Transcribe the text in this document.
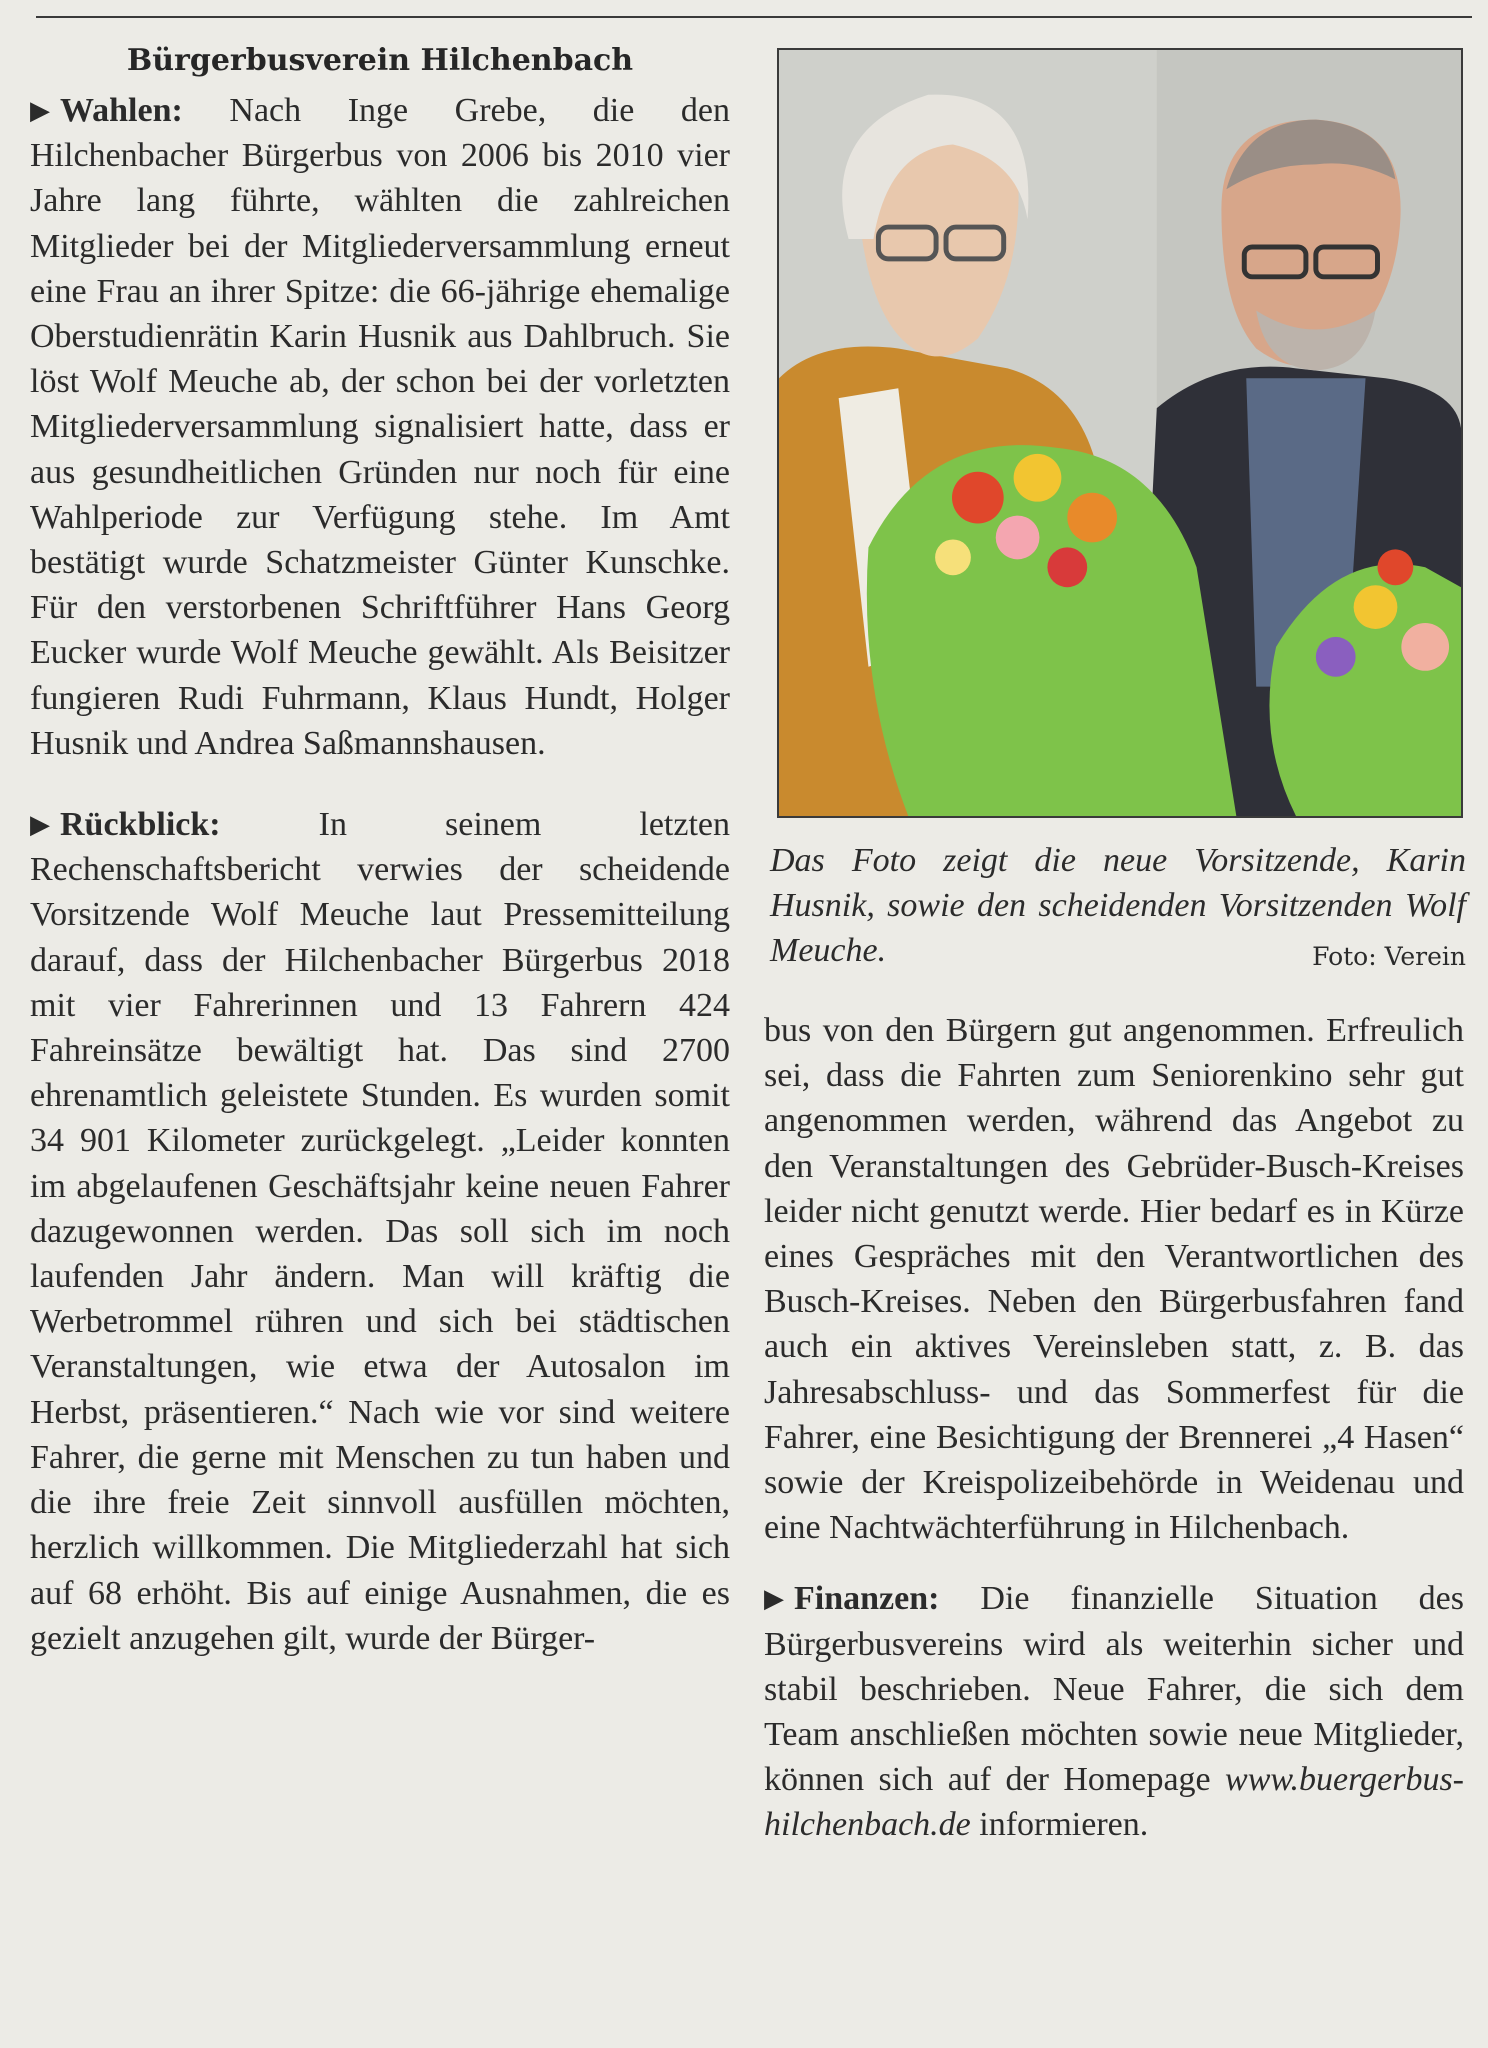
Bürgerbusverein Hilchenbach

▶ Wahlen: Nach Inge Grebe, die den Hilchenbacher Bürgerbus von 2006 bis 2010 vier Jahre lang führte, wählten die zahlreichen Mitglieder bei der Mitgliederversammlung erneut eine Frau an ihrer Spitze: die 66-jährige ehemalige Oberstudienrätin Karin Husnik aus Dahlbruch. Sie löst Wolf Meuche ab, der schon bei der vorletzten Mitgliederversammlung signalisiert hatte, dass er aus gesundheitlichen Gründen nur noch für eine Wahlperiode zur Verfügung stehe. Im Amt bestätigt wurde Schatzmeister Günter Kunschke. Für den verstorbenen Schriftführer Hans Georg Eucker wurde Wolf Meuche gewählt. Als Beisitzer fungieren Rudi Fuhrmann, Klaus Hundt, Holger Husnik und Andrea Saßmannshausen.

▶ Rückblick:	In seinem letzten Rechenschaftsbericht verwies der scheidende Vorsitzende Wolf Meuche laut Pressemitteilung darauf, dass der Hilchenbacher Bürgerbus 2018 mit vier Fahrerinnen und 13 Fahrern 424 Fahreinsätze bewältigt hat. Das sind 2700 ehrenamtlich geleistete Stunden. Es wurden somit 34 901 Kilometer zurückgelegt. „Leider konnten im abgelaufenen Geschäftsjahr keine neuen Fahrer dazugewonnen werden. Das soll sich im noch laufenden Jahr ändern. Man will kräftig die Werbetrommel rühren und sich bei städtischen Veranstaltungen, wie etwa der Autosalon im Herbst, präsentieren.“ Nach wie vor sind weitere Fahrer, die gerne mit Menschen zu tun haben und die ihre freie Zeit sinnvoll ausfüllen möchten, herzlich willkommen. Die Mitgliederzahl hat sich auf 68 erhöht. Bis auf einige Ausnahmen, die es gezielt anzugehen gilt, wurde der Bürger-

Das Foto zeigt die neue Vorsitzende, Karin Husnik, sowie den scheidenden Vorsitzenden Wolf Meuche.	Foto: Verein

bus von den Bürgern gut angenommen. Erfreulich sei, dass die Fahrten zum Seniorenkino sehr gut angenommen werden, während das Angebot zu den Veranstaltungen des Gebrüder-Busch-Kreises leider nicht genutzt werde. Hier bedarf es in Kürze eines Gespräches mit den Verantwortlichen des Busch-Kreises. Neben den Bürgerbusfahren fand auch ein aktives Vereinsleben statt, z. B. das Jahresabschluss- und das Sommerfest für die Fahrer, eine Besichtigung der Brennerei „4 Hasen“ sowie der Kreispolizeibehörde in Weidenau und eine Nachtwächterführung in Hilchenbach.

▶ Finanzen: Die finanzielle Situation des Bürgerbusvereins wird als weiterhin sicher und stabil beschrieben. Neue Fahrer, die sich dem Team anschließen möchten sowie neue Mitglieder, können sich auf der Homepage www.buergerbus-hilchenbach.de informieren.
